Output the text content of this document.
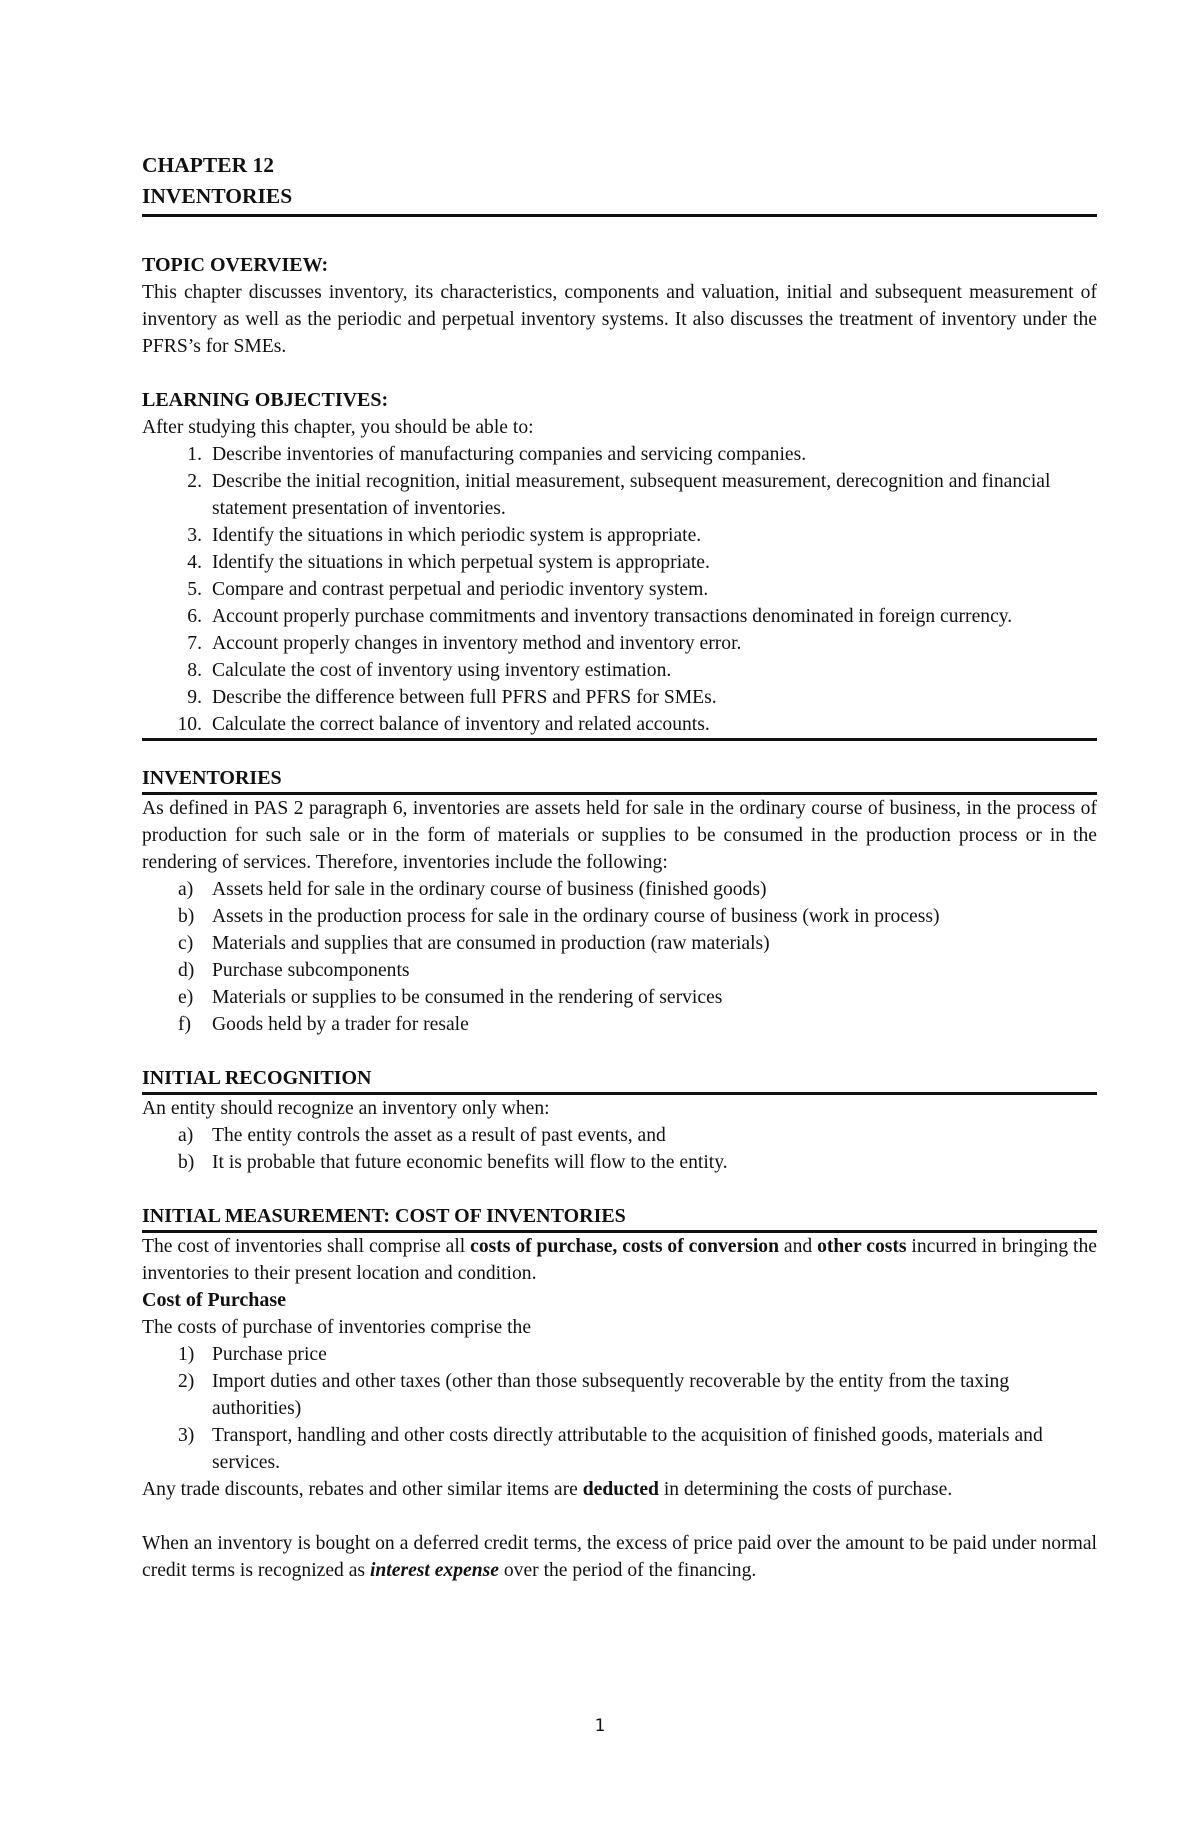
CHAPTER 12

INVENTORIES

TOPIC OVERVIEW:

This chapter discusses inventory, its characteristics, components and valuation, initial and subsequent measurement of inventory as well as the periodic and perpetual inventory systems. It also discusses the treatment of inventory under the PFRS’s for SMEs.

LEARNING OBJECTIVES:

After studying this chapter, you should be able to:

1. Describe inventories of manufacturing companies and servicing companies.
2. Describe the initial recognition, initial measurement, subsequent measurement, derecognition and financial statement presentation of inventories.
3. Identify the situations in which periodic system is appropriate.
4. Identify the situations in which perpetual system is appropriate.
5. Compare and contrast perpetual and periodic inventory system.
6. Account properly purchase commitments and inventory transactions denominated in foreign currency.
7. Account properly changes in inventory method and inventory error.
8. Calculate the cost of inventory using inventory estimation.
9. Describe the difference between full PFRS and PFRS for SMEs.
10. Calculate the correct balance of inventory and related accounts.

INVENTORIES

As defined in PAS 2 paragraph 6, inventories are assets held for sale in the ordinary course of business, in the process of production for such sale or in the form of materials or supplies to be consumed in the production process or in the rendering of services. Therefore, inventories include the following:

a) Assets held for sale in the ordinary course of business (finished goods)
b) Assets in the production process for sale in the ordinary course of business (work in process)
c) Materials and supplies that are consumed in production (raw materials)
d) Purchase subcomponents
e) Materials or supplies to be consumed in the rendering of services
f)	Goods held by a trader for resale

INITIAL RECOGNITION

An entity should recognize an inventory only when:

a) The entity controls the asset as a result of past events, and
b) It is probable that future economic benefits will flow to the entity.

INITIAL MEASUREMENT: COST OF INVENTORIES

The cost of inventories shall comprise all costs of purchase, costs of conversion and other costs incurred in bringing the inventories to their present location and condition.

Cost of Purchase

The costs of purchase of inventories comprise the

1) Purchase price
2) Import duties and other taxes (other than those subsequently recoverable by the entity from the taxing authorities)
3) Transport, handling and other costs directly attributable to the acquisition of finished goods, materials and services.

Any trade discounts, rebates and other similar items are deducted in determining the costs of purchase.

When an inventory is bought on a deferred credit terms, the excess of price paid over the amount to be paid under normal credit terms is recognized as interest expense over the period of the financing.

1
